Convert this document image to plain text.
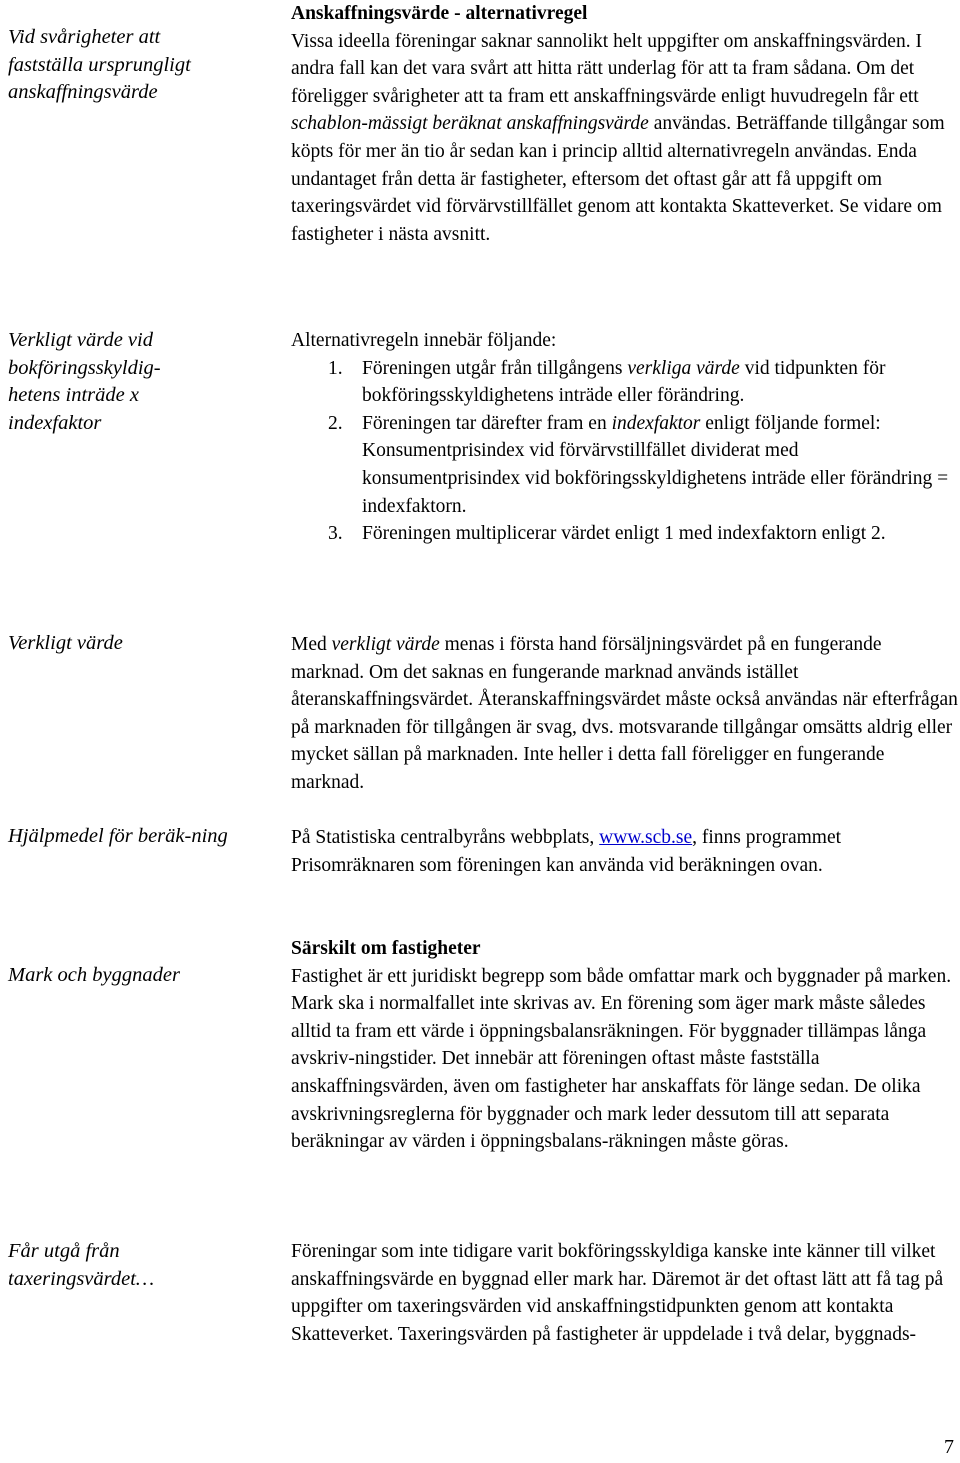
Vid svårigheter att fastställa ursprungligt anskaffningsvärde

Verkligt värde vid bokföringsskyldig-hetens inträde x indexfaktor

Verkligt värde

Hjälpmedel för beräk-ning

Mark och byggnader

Får utgå från taxeringsvärdet…

Anskaffningsvärde - alternativregel

Vissa ideella föreningar saknar sannolikt helt uppgifter om anskaffningsvärden. I andra fall kan det vara svårt att hitta rätt underlag för att ta fram sådana. Om det föreligger svårigheter att ta fram ett anskaffningsvärde enligt huvudregeln får ett schablon-mässigt beräknat anskaffningsvärde användas. Beträffande tillgångar som köpts för mer än tio år sedan kan i princip alltid alternativregeln användas. Enda undantaget från detta är fastigheter, eftersom det oftast går att få uppgift om taxeringsvärdet vid förvärvstillfället genom att kontakta Skatteverket. Se vidare om fastigheter i nästa avsnitt.

Alternativregeln innebär följande:

1. Föreningen utgår från tillgångens verkliga värde vid tidpunkten för bokföringsskyldighetens inträde eller förändring.
2. Föreningen tar därefter fram en indexfaktor enligt följande formel: Konsumentprisindex vid förvärvstillfället dividerat med konsumentprisindex vid bokföringsskyldighetens inträde eller förändring = indexfaktorn.
3. Föreningen multiplicerar värdet enligt 1 med indexfaktorn enligt 2.

Med verkligt värde menas i första hand försäljningsvärdet på en fungerande marknad. Om det saknas en fungerande marknad används istället återanskaffningsvärdet. Återanskaffningsvärdet måste också användas när efterfrågan på marknaden för tillgången är svag, dvs. motsvarande tillgångar omsätts aldrig eller mycket sällan på marknaden. Inte heller i detta fall föreligger en fungerande marknad.

På Statistiska centralbyråns webbplats, www.scb.se, finns programmet Prisomräknaren som föreningen kan använda vid beräkningen ovan.

Särskilt om fastigheter

Fastighet är ett juridiskt begrepp som både omfattar mark och byggnader på marken. Mark ska i normalfallet inte skrivas av. En förening som äger mark måste således alltid ta fram ett värde i öppningsbalansräkningen. För byggnader tillämpas långa avskriv-ningstider. Det innebär att föreningen oftast måste fastställa anskaffningsvärden, även om fastigheter har anskaffats för länge sedan. De olika avskrivningsreglerna för byggnader och mark leder dessutom till att separata beräkningar av värden i öppningsbalans-räkningen måste göras.

Föreningar som inte tidigare varit bokföringsskyldiga kanske inte känner till vilket anskaffningsvärde en byggnad eller mark har. Däremot är det oftast lätt att få tag på uppgifter om taxeringsvärden vid anskaffningstidpunkten genom att kontakta Skatteverket. Taxeringsvärden på fastigheter är uppdelade i två delar, byggnads-

7
